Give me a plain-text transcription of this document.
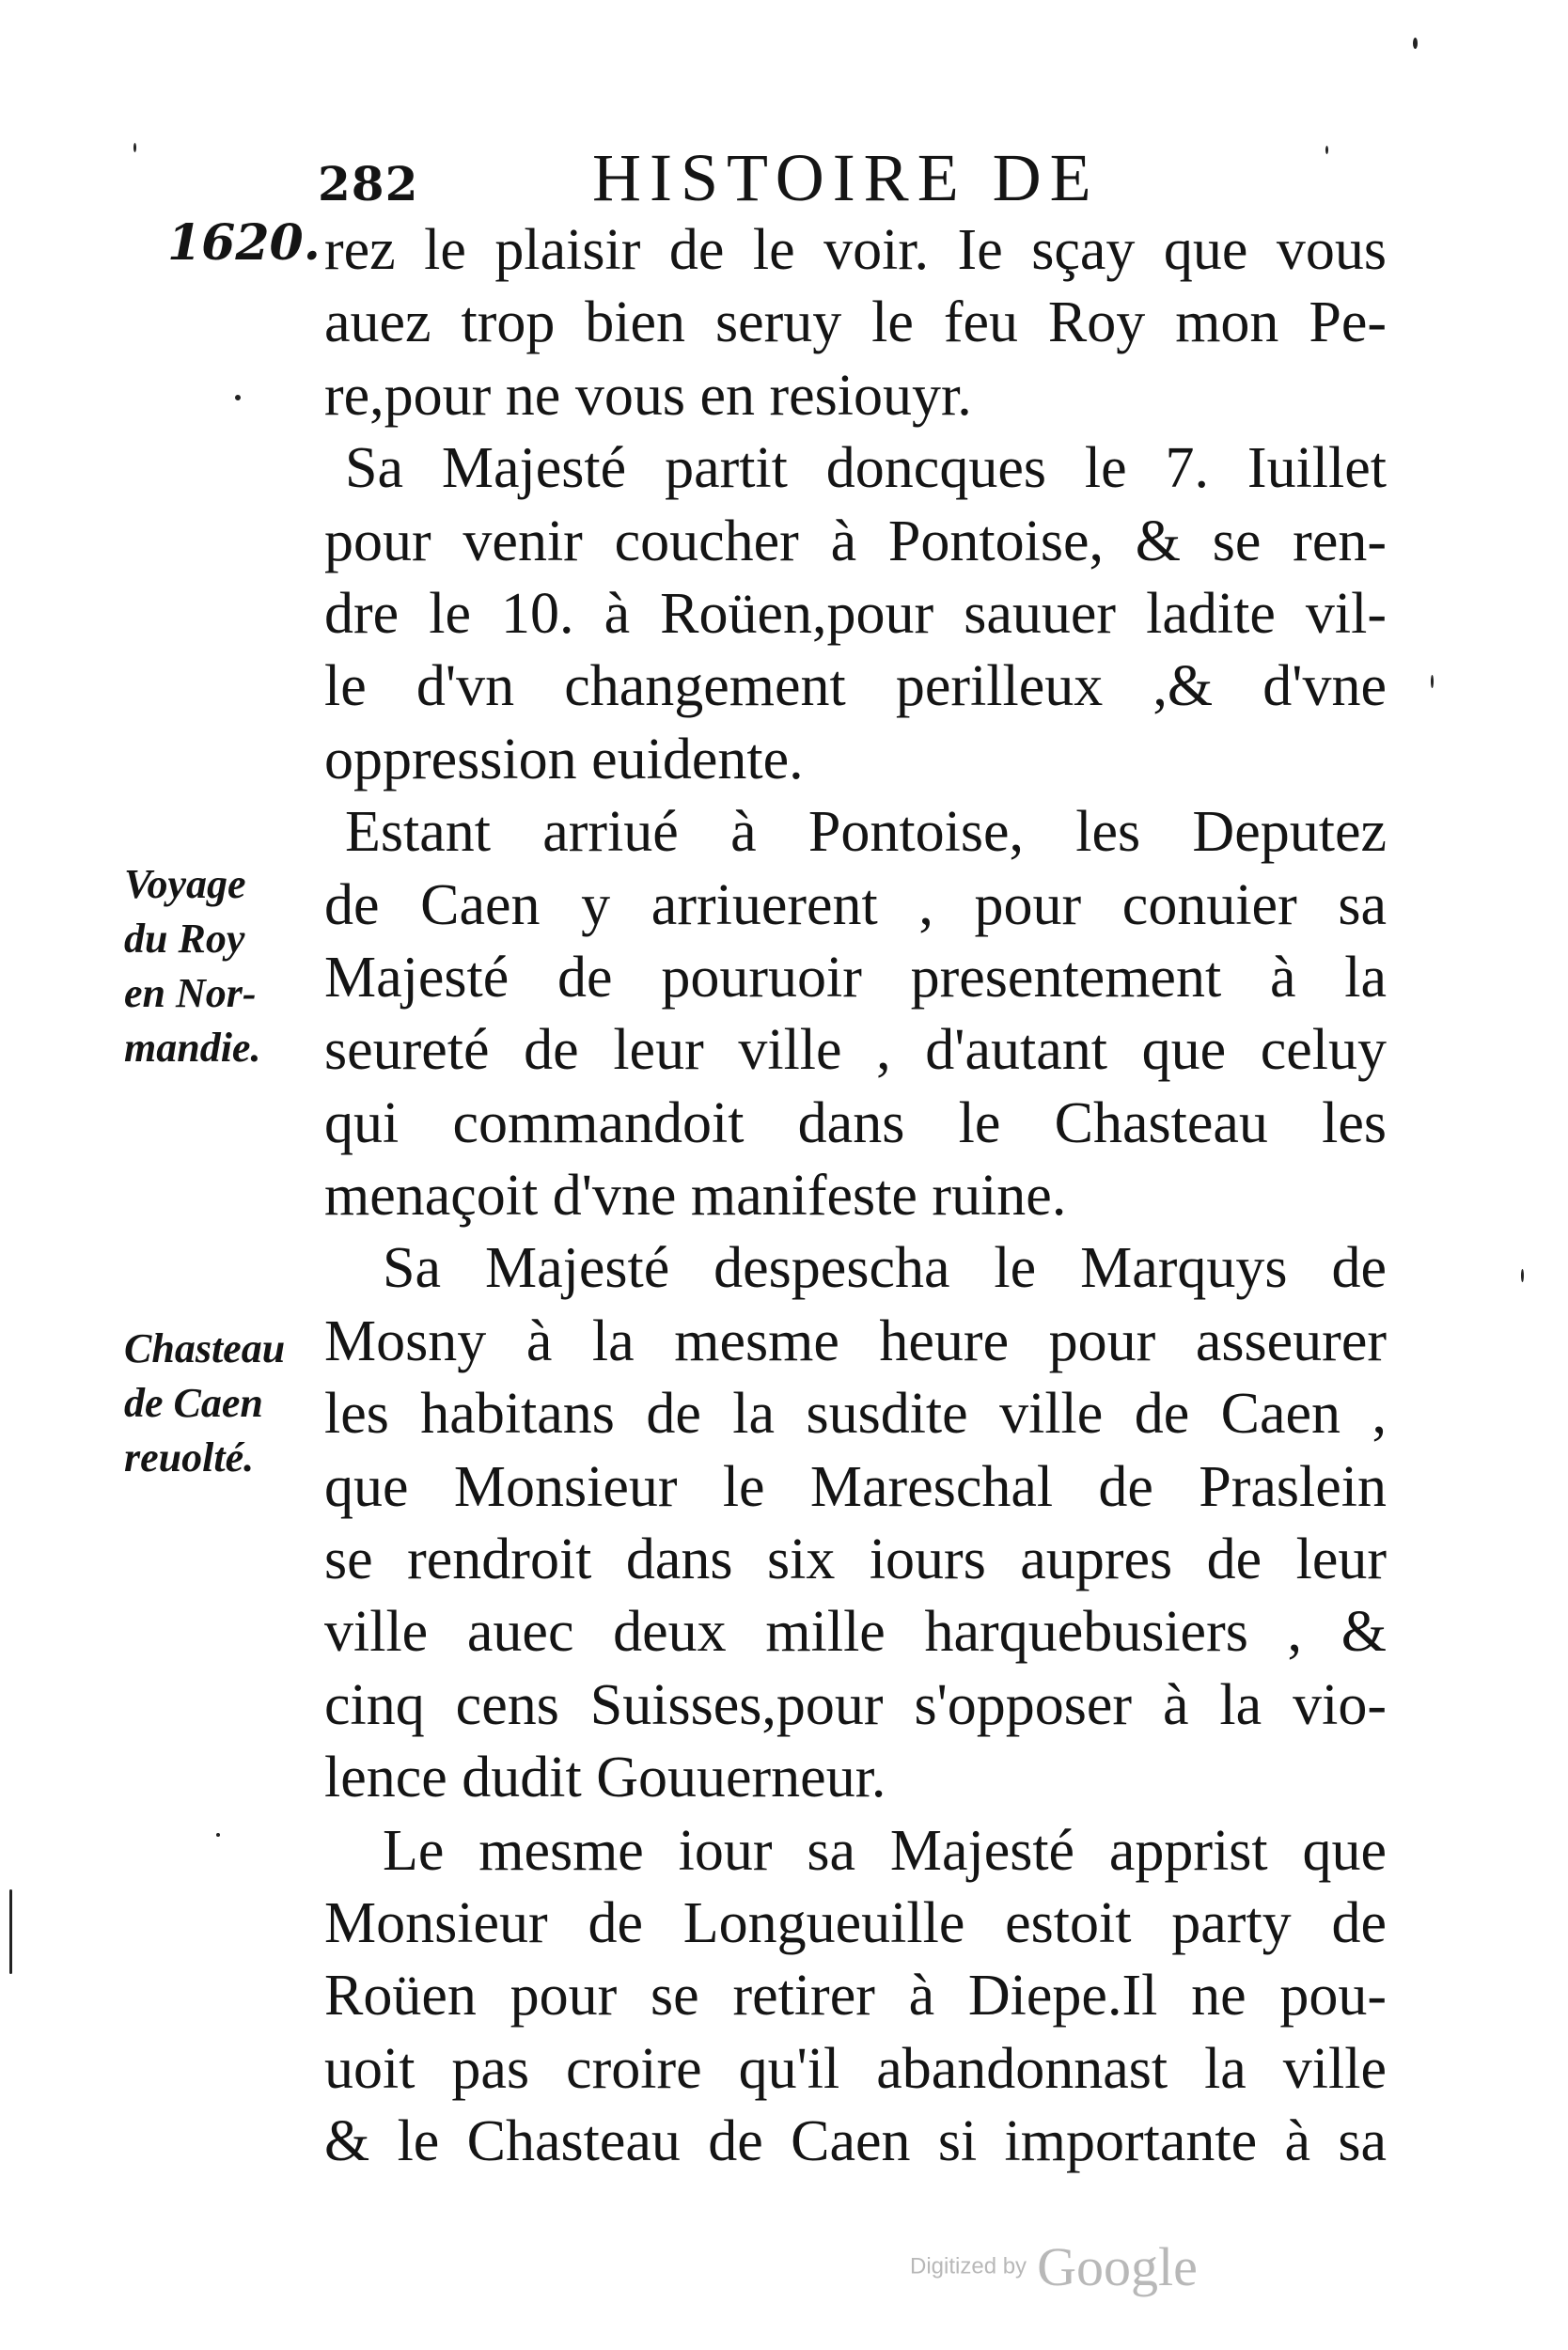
282	HISTOIRE DE
1620.
Voyage
du Roy
en Nor-
mandie.
Chasteau
de Caen
reuolté.
rez le plaisir de le voir. Ie sçay que vous
auez trop bien seruy le feu Roy mon Pe-
re,pour ne vous en resiouyr.
Sa Majesté partit doncques le 7. Iuillet
pour venir coucher à Pontoise, & se ren-
dre le 10. à Roüen,pour sauuer ladite vil-
le d'vn changement perilleux ,& d'vne
oppression euidente.
Estant arriué à Pontoise, les Deputez
de Caen y arriuerent , pour conuier sa
Majesté de pouruoir presentement à la
seureté de leur ville , d'autant que celuy
qui commandoit dans le Chasteau les
menaçoit d'vne manifeste ruine.
Sa Majesté despescha le Marquys de
Mosny à la mesme heure pour asseurer
les habitans de la susdite ville de Caen ,
que Monsieur le Mareschal de Praslein
se rendroit dans six iours aupres de leur
ville auec deux mille harquebusiers , &
cinq cens Suisses,pour s'opposer à la vio-
lence dudit Gouuerneur.
Le mesme iour sa Majesté apprist que
Monsieur de Longueuille estoit party de
Roüen pour se retirer à Diepe.Il ne pou-
uoit pas croire qu'il abandonnast la ville
& le Chasteau de Caen si importante à sa
Digitized by Google
